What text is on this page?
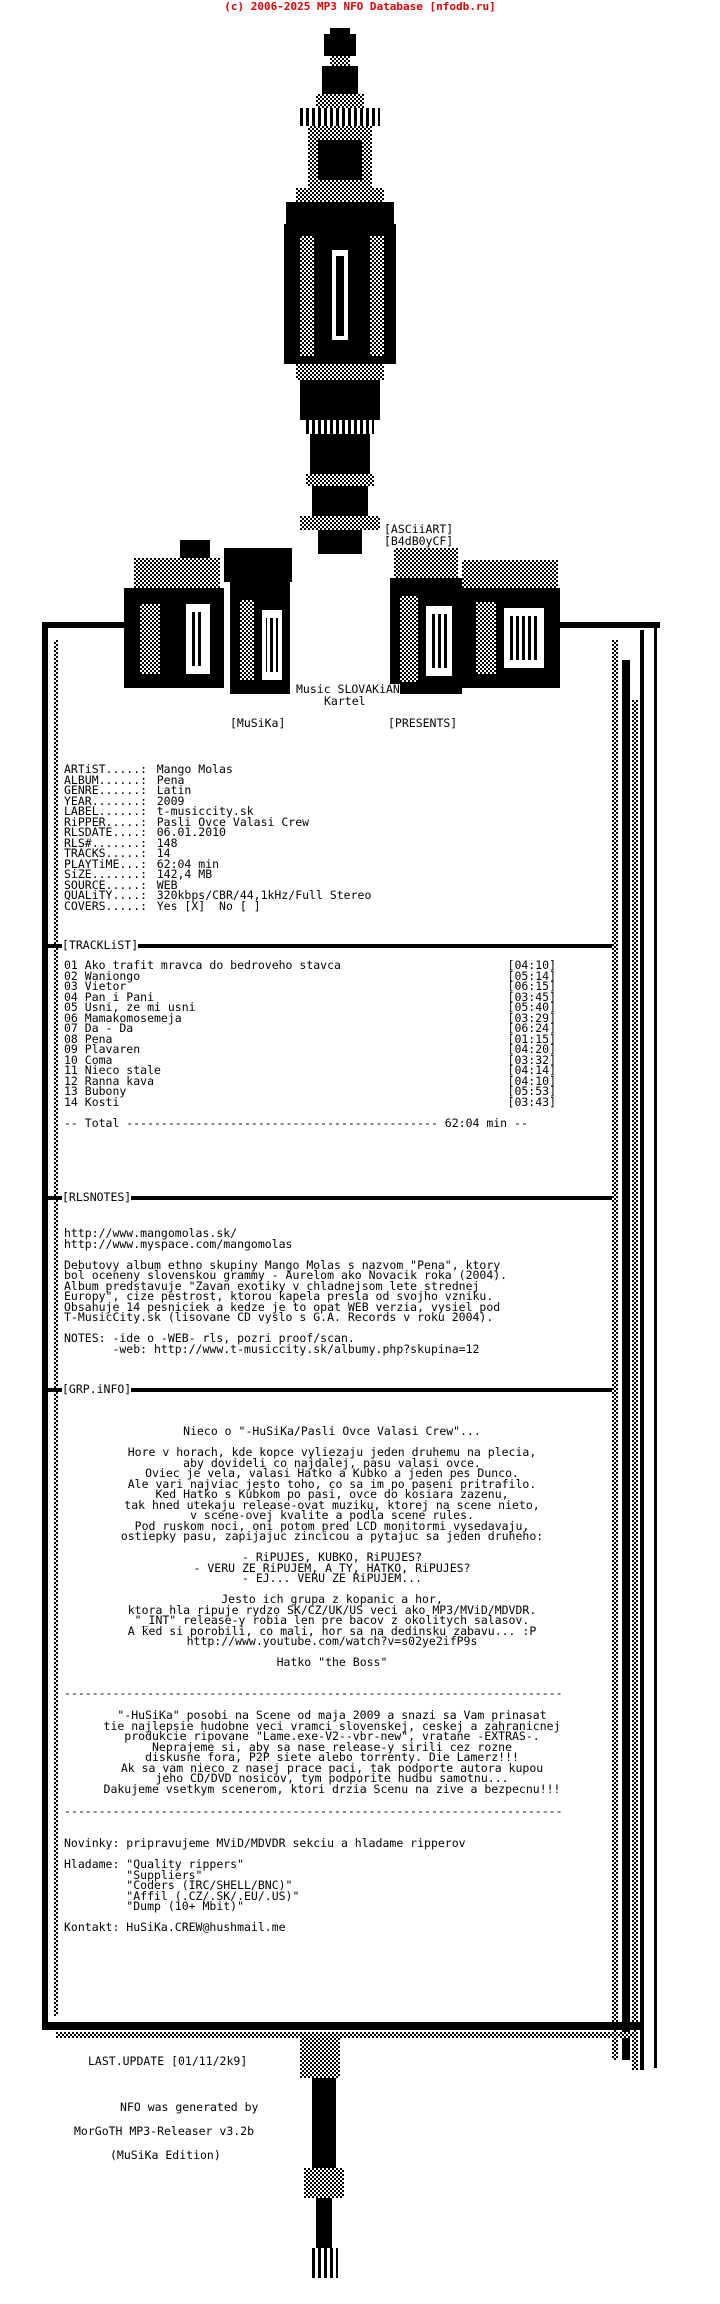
(c) 2006-2025 MP3 NFO Database [nfodb.ru]
[ASCiiART]
[B4dB0yCF]
Music SLOVAKiAN
Kartel
[MuSiKa]	[PRESENTS]
ARTiST.....: Mango Molas
ALBUM......: Pena
GENRE......: Latin
YEAR.......: 2009
LABEL......: t-musiccity.sk
RiPPER.....: Pasli Ovce Valasi Crew
RLSDATE....: 06.01.2010
RLS#.......: 148
TRACKS.....: 14
PLAYTiME...: 62:04 min
SiZE.......: 142,4 MB
SOURCE.....: WEB
QUALiTY....: 320kbps/CBR/44,1kHz/Full Stereo
COVERS.....: Yes [X]  No [ ]
[TRACKLiST]
01 Ako trafit mravca do bedroveho stavca	[04:10]
02 Waniongo	[05:14]
03 Vietor	[06:15]
04 Pan i Pani	[03:45]
05 Usni, ze mi usni	[05:40]
06 Mamakomosemeja	[03:29]
07 Da - Da	[06:24]
08 Pena	[01:15]
09 Plavaren	[04:20]
10 Coma	[03:32]
11 Nieco stale	[04:14]
12 Ranna kava	[04:10]
13 Bubony	[05:53]
14 Kosti	[03:43]
-- Total --------------------------------------------- 62:04 min --
[RLSNOTES]
http://www.mangomolas.sk/
http://www.myspace.com/mangomolas

Debutovy album ethno skupiny Mango Molas s nazvom "Pena", ktory
bol oceneny slovenskou grammy - Aurelom ako Novacik roka (2004).
Album predstavuje "Zavan exotiky v chladnejsom lete strednej
Europy", cize pestrost, ktorou kapela presla od svojho vzniku.
Obsahuje 14 pesniciek a kedze je to opat WEB verzia, vysiel pod
T-MusicCity.sk (lisovane CD vyslo s G.A. Records v roku 2004).

NOTES: -ide o -WEB- rls, pozri proof/scan.
-web: http://www.t-musiccity.sk/albumy.php?skupina=12
[GRP.iNFO]
Nieco o "-HuSiKa/Pasli Ovce Valasi Crew"...

Hore v horach, kde kopce vyliezaju jeden druhemu na plecia,
aby dovideli co najdalej, pasu valasi ovce.
Oviec je vela, valasi Hatko a Kubko a jeden pes Dunco.
Ale vari najviac jesto toho, co sa im po paseni pritrafilo.
Ked Hatko s Kubkom po pasi, ovce do kosiara zazenu,
tak hned utekaju release-ovat muziku, ktorej na scene nieto,
v scene-ovej kvalite a podla scene rules.
Pod ruskom noci, oni potom pred LCD monitormi vysedavaju,
ostiepky pasu, zapijajuc zincicou a pytajuc sa jeden druheho:

- RiPUJES, KUBKO, RiPUJES?
- VERU ZE RiPUJEM, A TY, HATKO, RiPUJES?
- EJ... VERU ZE RiPUJEM...

Jesto ich grupa z kopanic a hor,
ktora hla ripuje rydzo SK/CZ/UK/US veci ako MP3/MViD/MDVDR.
"_INT" release-y robia len pre bacov z okolitych salasov.
A ked si porobili, co mali, hor sa na dedinsku zabavu... :P
http://www.youtube.com/watch?v=s02ye2ifP9s

Hatko "the Boss"
------------------------------------------------------------------------
"-HuSiKa" posobi na Scene od maja 2009 a snazi sa Vam prinasat
tie najlepsie hudobne veci vramci slovenskej, ceskej a zahranicnej
produkcie ripovane "Lame.exe-V2--vbr-new", vratane -EXTRAS-.
Neprajeme si, aby sa nase release-y sirili cez rozne
diskusne fora, P2P siete alebo torrenty. Die Lamerz!!!
Ak sa vam nieco z nasej prace paci, tak podporte autora kupou
jeho CD/DVD nosicov, tym podporite hudbu samotnu...
Dakujeme vsetkym scenerom, ktori drzia Scenu na zive a bezpecnu!!!
------------------------------------------------------------------------
Novinky: pripravujeme MViD/MDVDR sekciu a hladame ripperov

Hladame: "Quality rippers"
"Suppliers"
"Coders (IRC/SHELL/BNC)"
"Affil (.CZ/.SK/.EU/.US)"
"Dump (10+ Mbit)"

Kontakt: HuSiKa.CREW@hushmail.me
LAST.UPDATE [01/11/2k9]
NFO was generated by
MorGoTH MP3-Releaser v3.2b
(MuSiKa Edition)
